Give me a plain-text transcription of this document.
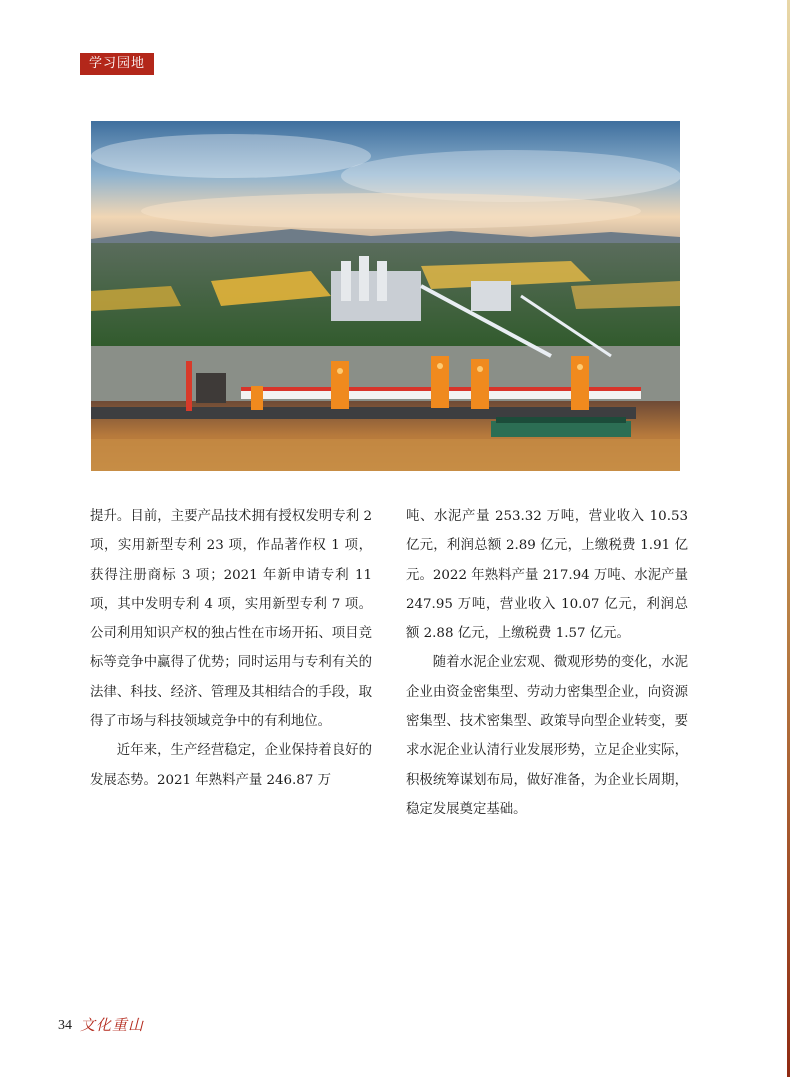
学习园地

提升。目前，主要产品技术拥有授权发明专利 2 项，实用新型专利 23 项，作品著作权 1 项，获得注册商标 3 项；2021 年新申请专利 11 项，其中发明专利 4 项，实用新型专利 7 项。公司利用知识产权的独占性在市场开拓、项目竞标等竞争中赢得了优势；同时运用与专利有关的法律、科技、经济、管理及其相结合的手段，取得了市场与科技领域竞争中的有利地位。

近年来，生产经营稳定，企业保持着良好的发展态势。2021 年熟料产量 246.87 万

吨、水泥产量 253.32 万吨，营业收入 10.53 亿元，利润总额 2.89 亿元，上缴税费 1.91 亿元。2022 年熟料产量 217.94 万吨、水泥产量 247.95 万吨，营业收入 10.07 亿元，利润总额 2.88 亿元，上缴税费 1.57 亿元。

随着水泥企业宏观、微观形势的变化，水泥企业由资金密集型、劳动力密集型企业，向资源密集型、技术密集型、政策导向型企业转变，要求水泥企业认清行业发展形势，立足企业实际，积极统筹谋划布局，做好准备，为企业长周期，稳定发展奠定基础。

34 文化重山
